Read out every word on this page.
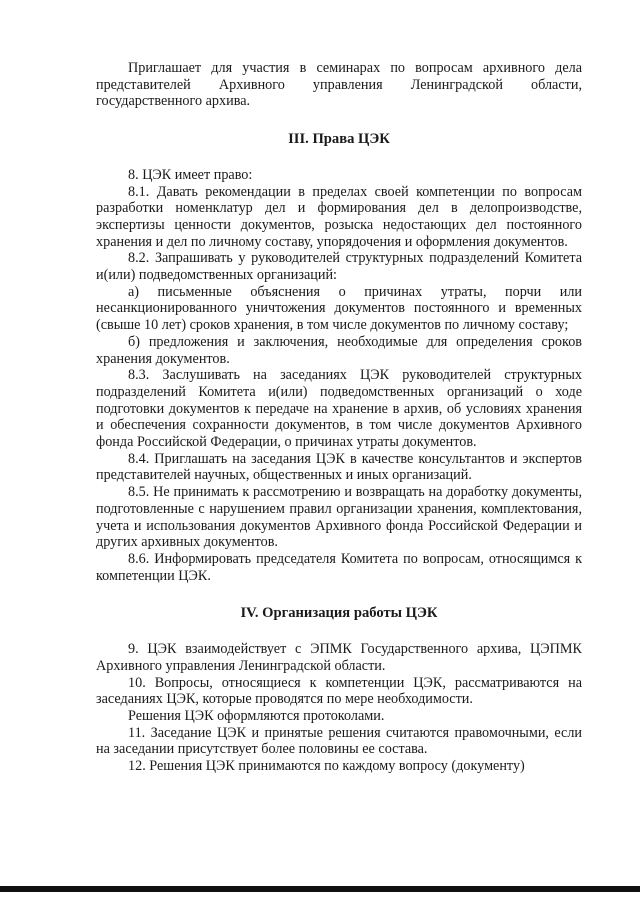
Приглашает для участия в семинарах по вопросам архивного дела представителей Архивного управления Ленинградской области, государственного архива.

III. Права ЦЭК

8. ЦЭК имеет право:

8.1. Давать рекомендации в пределах своей компетенции по вопросам разработки номенклатур дел и формирования дел в делопроизводстве, экспертизы ценности документов, розыска недостающих дел постоянного хранения и дел по личному составу, упорядочения и оформления документов.

8.2. Запрашивать у руководителей структурных подразделений Комитета и(или) подведомственных организаций:

а) письменные объяснения о причинах утраты, порчи или несанкционированного уничтожения документов постоянного и временных (свыше 10 лет) сроков хранения, в том числе документов по личному составу;

б) предложения и заключения, необходимые для определения сроков хранения документов.

8.3. Заслушивать на заседаниях ЦЭК руководителей структурных подразделений Комитета и(или) подведомственных организаций о ходе подготовки документов к передаче на хранение в архив, об условиях хранения и обеспечения сохранности документов, в том числе документов Архивного фонда Российской Федерации, о причинах утраты документов.

8.4. Приглашать на заседания ЦЭК в качестве консультантов и экспертов представителей научных, общественных и иных организаций.

8.5. Не принимать к рассмотрению и возвращать на доработку документы, подготовленные с нарушением правил организации хранения, комплектования, учета и использования документов Архивного фонда Российской Федерации и других архивных документов.

8.6. Информировать председателя Комитета по вопросам, относящимся к компетенции ЦЭК.

IV. Организация работы ЦЭК

9. ЦЭК взаимодействует с ЭПМК Государственного архива, ЦЭПМК Архивного управления Ленинградской области.

10. Вопросы, относящиеся к компетенции ЦЭК, рассматриваются на заседаниях ЦЭК, которые проводятся по мере необходимости.

Решения ЦЭК оформляются протоколами.

11. Заседание ЦЭК и принятые решения считаются правомочными, если на заседании присутствует более половины ее состава.

12. Решения ЦЭК принимаются по каждому вопросу (документу)
